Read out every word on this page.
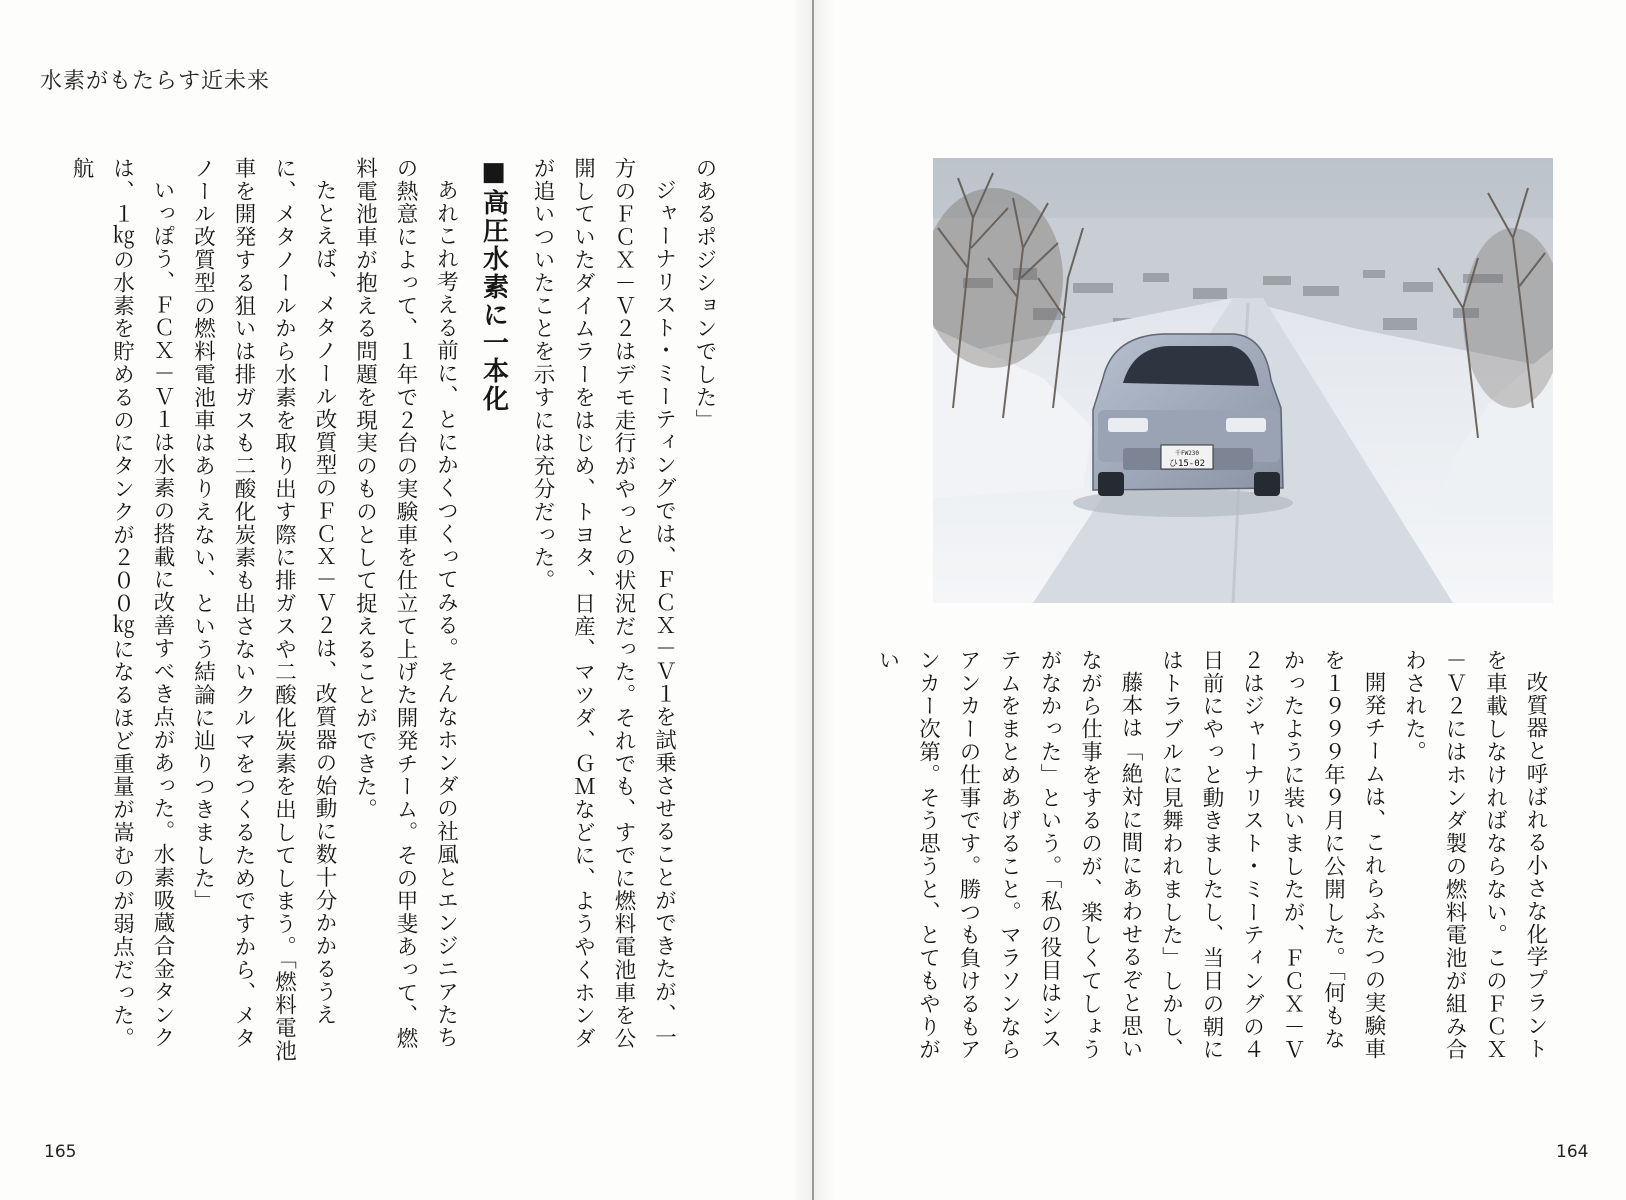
水素がもたらす近未来

のあるポジションでした」

ジャーナリスト・ミーティングでは、ＦＣＸ－Ｖ１を試乗させることができたが、一方のＦＣＸ－Ｖ２はデモ走行がやっとの状況だった。それでも、すでに燃料電池車を公開していたダイムラーをはじめ、トヨタ、日産、マツダ、ＧＭなどに、ようやくホンダが追いついたことを示すには充分だった。

■高圧水素に一本化

あれこれ考える前に、とにかくつくってみる。そんなホンダの社風とエンジニアたちの熱意によって、１年で２台の実験車を仕立て上げた開発チーム。その甲斐あって、燃料電池車が抱える問題を現実のものとして捉えることができた。

たとえば、メタノール改質型のＦＣＸ－Ｖ２は、改質器の始動に数十分かかるうえに、メタノールから水素を取り出す際に排ガスや二酸化炭素を出してしまう。「燃料電池車を開発する狙いは排ガスも二酸化炭素も出さないクルマをつくるためですから、メタノール改質型の燃料電池車はありえない、という結論に辿りつきました」

いっぽう、ＦＣＸ－Ｖ１は水素の搭載に改善すべき点があった。水素吸蔵合金タンクは、１㎏の水素を貯めるのにタンクが２００㎏になるほど重量が嵩むのが弱点だった。航

千FW230
ひ15-02

改質器と呼ばれる小さな化学プラントを車載しなければならない。このＦＣＸ－Ｖ２にはホンダ製の燃料電池が組み合わされた。

開発チームは、これらふたつの実験車を１９９９年９月に公開した。「何もなかったように装いましたが、ＦＣＸ－Ｖ２はジャーナリスト・ミーティングの４日前にやっと動きましたし、当日の朝にはトラブルに見舞われました」しかし、

藤本は「絶対に間にあわせるぞと思いながら仕事をするのが、楽しくてしょうがなかった」という。「私の役目はシステムをまとめあげること。マラソンならアンカーの仕事です。勝つも負けるもアンカー次第。そう思うと、とてもやりがい

165	164
